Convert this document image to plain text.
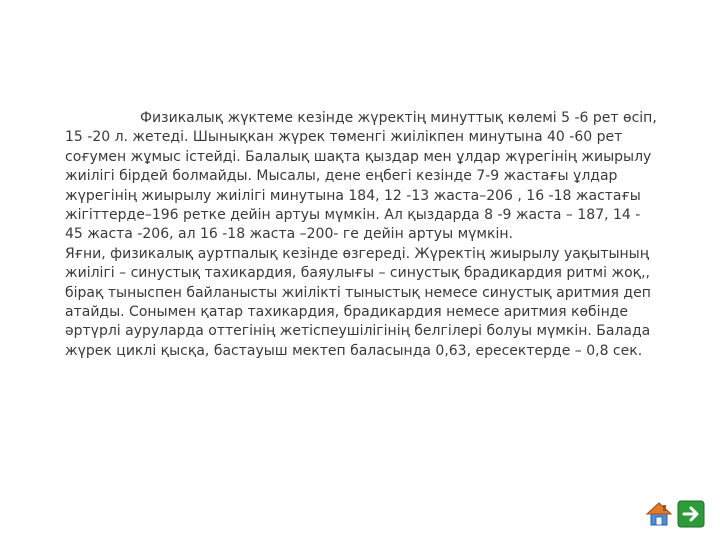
Физикалық жүктеме кезінде жүректің минуттық көлемі 5 -6 рет өсіп,
15 -20 л. жетеді. Шынықкан жүрек төменгі жиілікпен минутына 40 -60 рет
соғумен жұмыс істейді. Балалық шақта қыздар мен ұлдар жүрегінің жиырылу
жиілігі бірдей болмайды. Мысалы, дене еңбегі кезінде 7-9 жастағы ұлдар
жүрегінің жиырылу жиілігі минутына 184, 12 -13 жаста–206 , 16 -18 жастағы
жігіттерде–196 ретке дейін артуы мүмкін. Ал қыздарда 8 -9 жаста – 187, 14 -
45 жаста -206, ал 16 -18 жаста –200- ге дейін артуы мүмкін.
Яғни, физикалық ауртпалық кезінде өзгереді. Жүректің жиырылу уақытының
жиілігі – синустық тахикардия, баяулығы – синустық брадикардия ритмі жоқ,,
бірақ тыныспен байланысты жиілікті тыныстық немесе синустық аритмия деп
атайды. Сонымен қатар тахикардия, брадикардия немесе аритмия көбінде
әртүрлі ауруларда оттегінің жетіспеушілігінің белгілері болуы мүмкін. Балада
жүрек циклі қысқа, бастауыш мектеп баласында 0,63, ересектерде – 0,8 сек.
